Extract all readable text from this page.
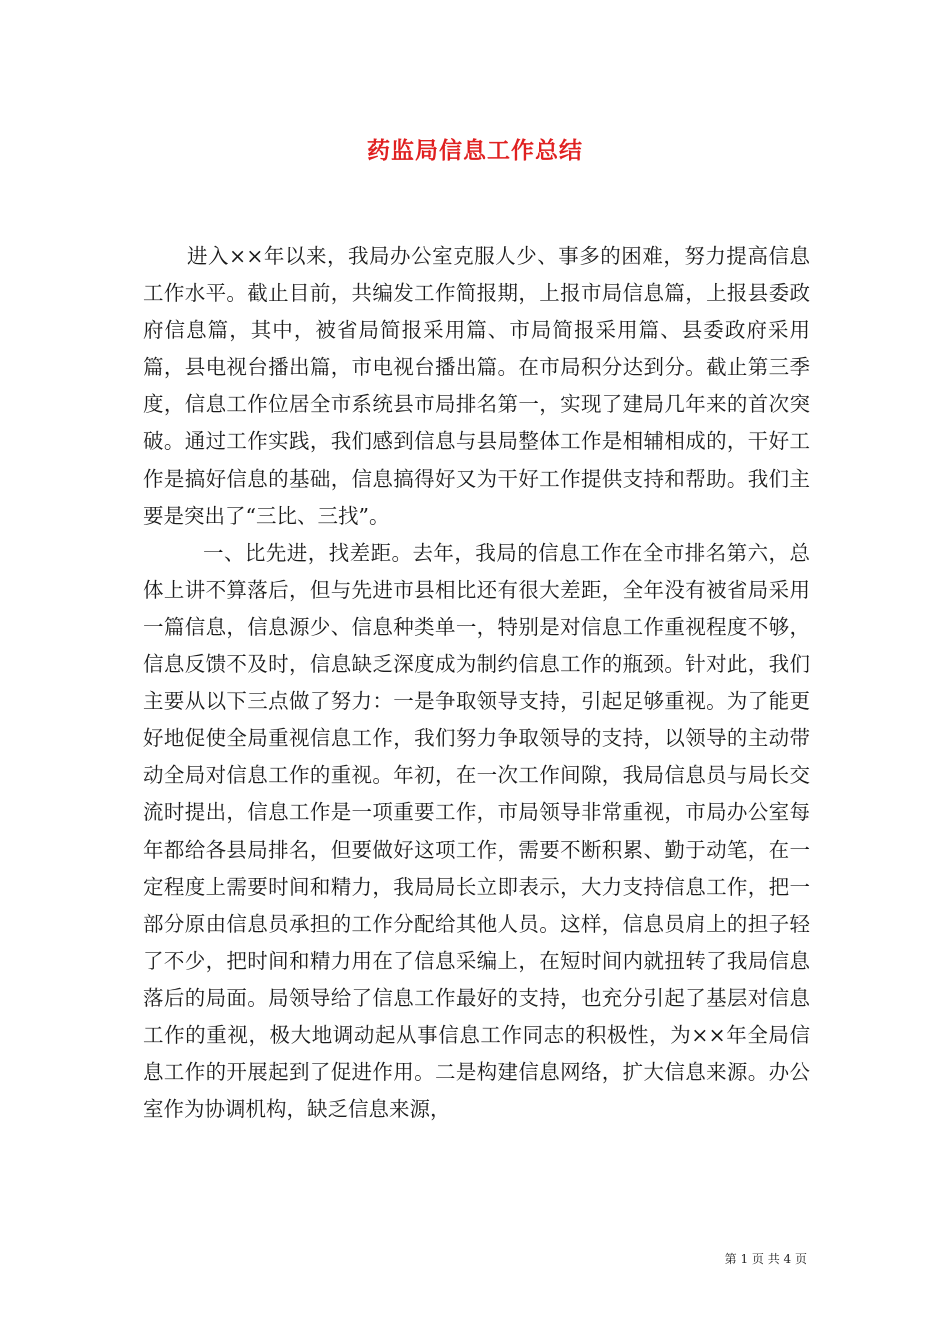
药监局信息工作总结

进入××年以来，我局办公室克服人少、事多的困难，努力提高信息工作水平。截止目前，共编发工作简报期，上报市局信息篇，上报县委政府信息篇，其中，被省局简报采用篇、市局简报采用篇、县委政府采用篇，县电视台播出篇，市电视台播出篇。在市局积分达到分。截止第三季度，信息工作位居全市系统县市局排名第一，实现了建局几年来的首次突破。通过工作实践，我们感到信息与县局整体工作是相辅相成的，干好工作是搞好信息的基础，信息搞得好又为干好工作提供支持和帮助。我们主要是突出了“三比、三找”。

一、比先进，找差距。去年，我局的信息工作在全市排名第六，总体上讲不算落后，但与先进市县相比还有很大差距，全年没有被省局采用一篇信息，信息源少、信息种类单一，特别是对信息工作重视程度不够，信息反馈不及时，信息缺乏深度成为制约信息工作的瓶颈。针对此，我们主要从以下三点做了努力：一是争取领导支持，引起足够重视。为了能更好地促使全局重视信息工作，我们努力争取领导的支持，以领导的主动带动全局对信息工作的重视。年初，在一次工作间隙，我局信息员与局长交流时提出，信息工作是一项重要工作，市局领导非常重视，市局办公室每年都给各县局排名，但要做好这项工作，需要不断积累、勤于动笔，在一定程度上需要时间和精力，我局局长立即表示，大力支持信息工作，把一部分原由信息员承担的工作分配给其他人员。这样，信息员肩上的担子轻了不少，把时间和精力用在了信息采编上，在短时间内就扭转了我局信息落后的局面。局领导给了信息工作最好的支持，也充分引起了基层对信息工作的重视，极大地调动起从事信息工作同志的积极性，为××年全局信息工作的开展起到了促进作用。二是构建信息网络，扩大信息来源。办公室作为协调机构，缺乏信息来源，

第 1 页 共 4 页
